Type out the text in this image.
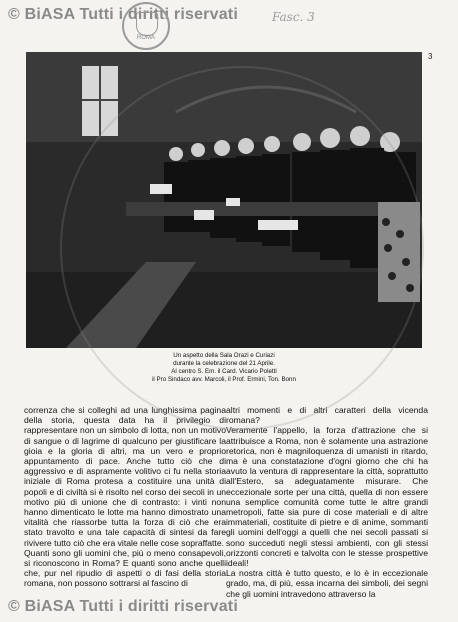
© BiASA Tutti i diritti riservati
ROMA
Fasc. 3
3
Un aspetto della Sala Orazi e Curiazi
durante la celebrazione del 21 Aprile.
Al centro S. Em. il Card. Vicario Poletti
il Pro Sindaco avv. Marcoli, il Prof. Ermini, Ton. Bonn

correnza che si colleghi ad una lunghissima pagina della storia, questa data ha il privilegio di rappresentare non un simbolo di lotta, non un motivo di sangue o di lagrime di qualcuno per giustificare la gioia e la gloria di altri, ma un vero e proprio appuntamento di pace. Anche tutto ciò che di aggressivo e di aspramente volitivo ci fu nella storia iniziale di Roma protesa a costituire una unità di popoli e di civiltà si è risolto nel corso dei secoli in un motivo più di unione che di contrasto: i vinti non hanno dimenticato le lotte ma hanno dimostrato una vitalità che riassorbe tutta la forza di ciò che era stato travolto e una tale capacità di sintesi da fare rivivere tutto ciò che era vitale nelle cose sopraffatte.

Quanti sono gli uomini che, più o meno consapevoli, si riconoscono in Roma? E quanti sono anche quelli che, pur nel ripudio di aspetti o di fasi della storia romana, non possono sottrarsi al fascino di

altri momenti e di altri caratteri della vicenda romana?

Veramente l'appello, la forza d'attrazione che si attribuisce a Roma, non è solamente una astrazione retorica, non è magniloquenza di umanisti in ritardo, ma è una constatazione d'ogni giorno che chi ha avuto la ventura di rappresentare la città, soprattutto all'Estero, sa adeguatamente misurare. Che eccezionale sorte per una città, quella di non essere una semplice comunità come tutte le altre grandi metropoli, fatte sia pure di cose materiali e di altre immateriali, costituite di pietre e di anime, sommanti gli uomini dell'oggi a quelli che nei secoli passati si sono succeduti negli stessi ambienti, con gli stessi orizzonti concreti e talvolta con le stesse prospettive ideali!

La nostra città è tutto questo, e lo è in eccezionale grado, ma, di più, essa incarna dei simboli, dei segni che gli uomini intravedono attraverso la

© BiASA Tutti i diritti riservati
